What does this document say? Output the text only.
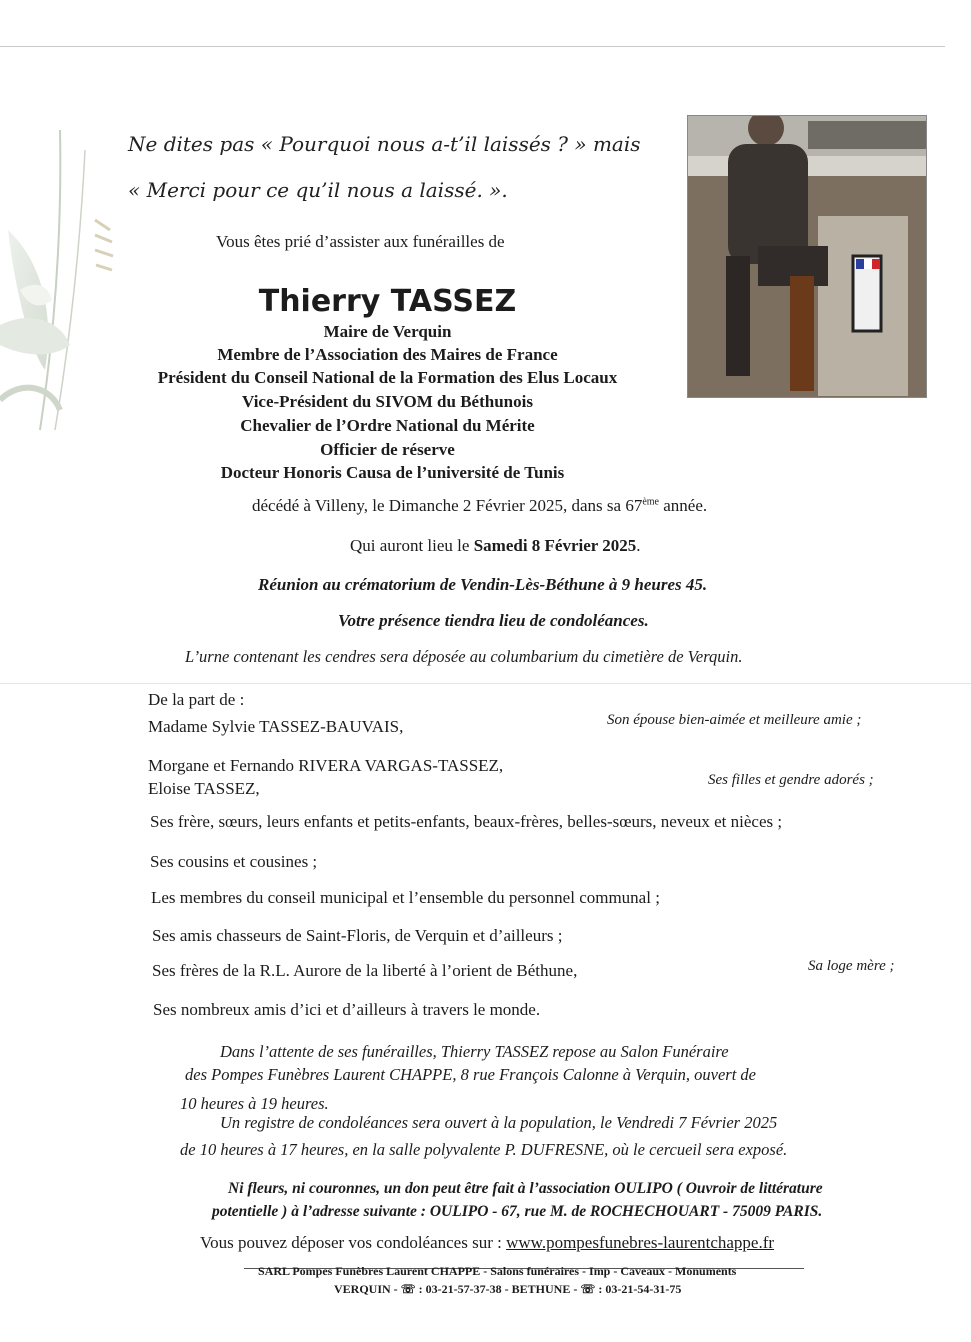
Ne dites pas « Pourquoi nous a-t’il laissés ? » mais
« Merci pour ce qu’il nous a laissé. ».
Vous êtes prié d’assister aux funérailles de
Thierry TASSEZ
Maire de Verquin
Membre de l’Association des Maires de France
Président du Conseil National de la Formation des Elus Locaux
Vice-Président du SIVOM du Béthunois
Chevalier de l’Ordre National du Mérite
Officier de réserve
Docteur Honoris Causa de l’université de Tunis
décédé à Villeny, le Dimanche 2 Février 2025, dans sa 67ème année.
Qui auront lieu le Samedi 8 Février 2025.
Réunion au crématorium de Vendin-Lès-Béthune à 9 heures 45.
Votre présence tiendra lieu de condoléances.
L’urne contenant les cendres sera déposée au columbarium du cimetière de Verquin.
De la part de :
Madame Sylvie TASSEZ-BAUVAIS,	Son épouse bien-aimée et meilleure amie ;
Morgane et Fernando RIVERA VARGAS-TASSEZ,
Eloise TASSEZ,	Ses filles et gendre adorés ;
Ses frère, sœurs, leurs enfants et petits-enfants, beaux-frères, belles-sœurs, neveux et nièces ;
Ses cousins et cousines ;
Les membres du conseil municipal et l’ensemble du personnel communal ;
Ses amis chasseurs de Saint-Floris, de Verquin et d’ailleurs ;
Ses frères de la R.L. Aurore de la liberté à l’orient de Béthune,	Sa loge mère ;
Ses nombreux amis d’ici et d’ailleurs à travers le monde.
Dans l’attente de ses funérailles, Thierry TASSEZ repose au Salon Funéraire
des Pompes Funèbres Laurent CHAPPE, 8 rue François Calonne à Verquin, ouvert de
10 heures à 19 heures.
Un registre de condoléances sera ouvert à la population, le Vendredi 7 Février 2025
de 10 heures à 17 heures, en la salle polyvalente P. DUFRESNE, où le cercueil sera exposé.
Ni fleurs, ni couronnes, un don peut être fait à l’association OULIPO ( Ouvroir de littérature
potentielle ) à l’adresse suivante : OULIPO - 67, rue M. de ROCHECHOUART - 75009 PARIS.
Vous pouvez déposer vos condoléances sur : www.pompesfunebres-laurentchappe.fr
SARL Pompes Funèbres Laurent CHAPPE - Salons funéraires - Imp - Caveaux - Monuments
VERQUIN - ☏ : 03-21-57-37-38 - BETHUNE - ☏ : 03-21-54-31-75
